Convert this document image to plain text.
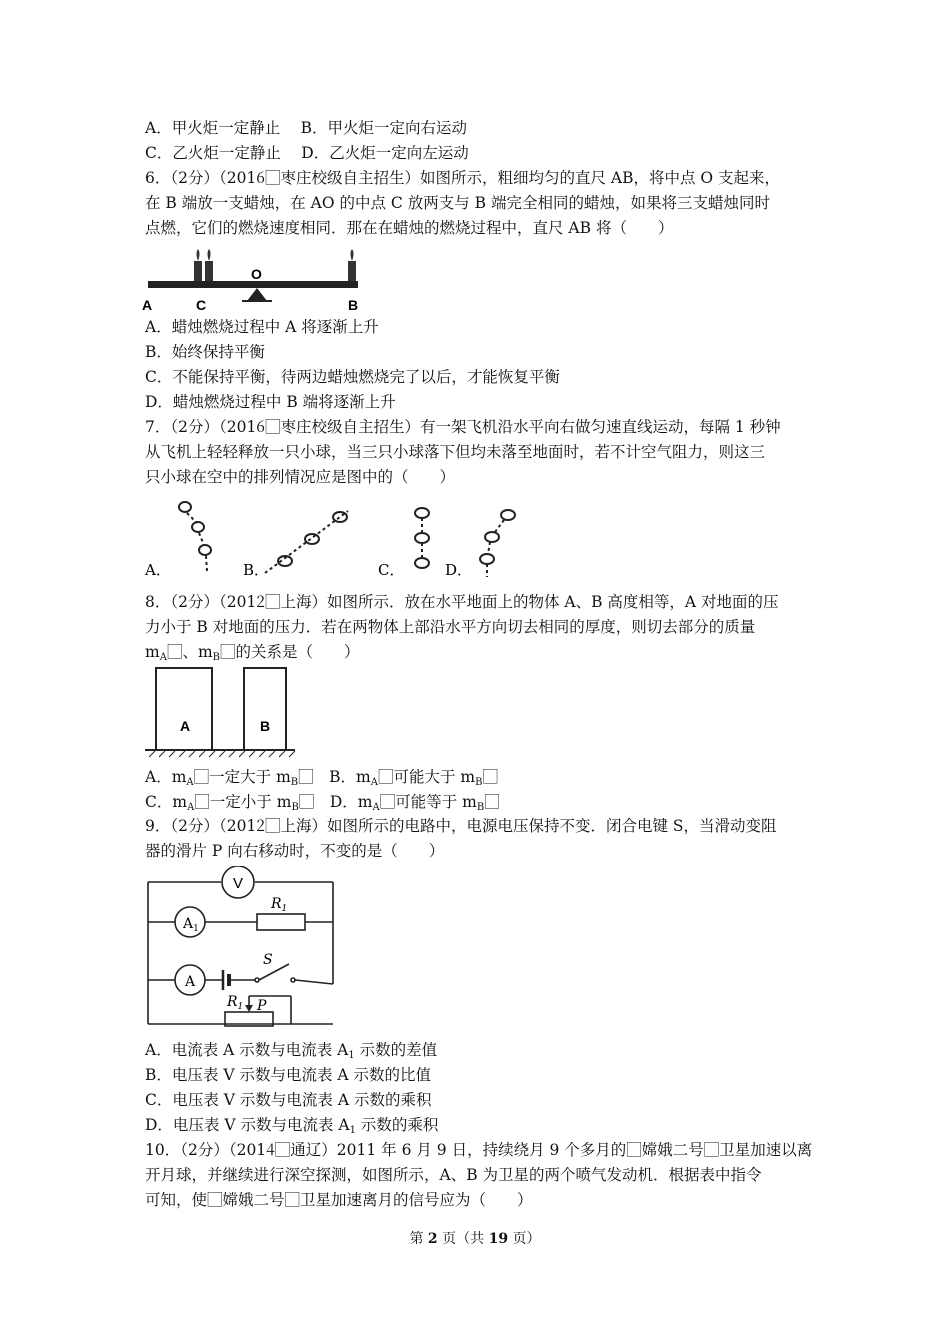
A．甲火炬一定静止　 B．甲火炬一定向右运动
C．乙火炬一定静止　 D．乙火炬一定向左运动
6．（2分）（2016⃞枣庄校级自主招生）如图所示，粗细均匀的直尺 AB，将中点 O 支起来，
在 B 端放一支蜡烛，在 AO 的中点 C 放两支与 B 端完全相同的蜡烛，如果将三支蜡烛同时
点燃，它们的燃烧速度相同．那在在蜡烛的燃烧过程中，直尺 AB 将（　　）
A	C
O
B
A．蜡烛燃烧过程中 A 将逐渐上升
B．始终保持平衡
C．不能保持平衡，待两边蜡烛燃烧完了以后，才能恢复平衡
D．蜡烛燃烧过程中 B 端将逐渐上升
7．（2分）（2016⃞枣庄校级自主招生）有一架飞机沿水平向右做匀速直线运动，每隔 1 秒钟
从飞机上轻轻释放一只小球，当三只小球落下但均未落至地面时，若不计空气阻力，则这三
只小球在空中的排列情况应是图中的（　　）
A．	B．	C．	D．
8．（2分）（2012⃞上海）如图所示．放在水平地面上的物体 A、B 高度相等，A 对地面的压
力小于 B 对地面的压力．若在两物体上部沿水平方向切去相同的厚度，则切去部分的质量
$m_A⃞$、$m_B⃞$的关系是（　　）
A	B
A．$m_A⃞$一定大于 $m_B⃞$　 B．$m_A⃞$可能大于 $m_B⃞$
C．$m_A⃞$一定小于 $m_B⃞$　 D．$m_A⃞$可能等于 $m_B⃞$
9．（2分）（2012⃞上海）如图所示的电路中，电源电压保持不变．闭合电键 S，当滑动变阻
器的滑片 P 向右移动时，不变的是（　　）
V
$A_1$
$R_1$
A
S
$R_1$ P
A．电流表 A 示数与电流表 $A_1$ 示数的差值
B．电压表 V 示数与电流表 A 示数的比值
C．电压表 V 示数与电流表 A 示数的乘积
D．电压表 V 示数与电流表 $A_1$ 示数的乘积
10．（2分）（2014⃞通辽）2011 年 6 月 9 日，持续绕月 9 个多月的⃞嫦娥二号⃞卫星加速以离
开月球，并继续进行深空探测，如图所示，A、B 为卫星的两个喷气发动机．根据表中指令
可知，使⃞嫦娥二号⃞卫星加速离月的信号应为（　　）
第 2 页（共 19 页）
